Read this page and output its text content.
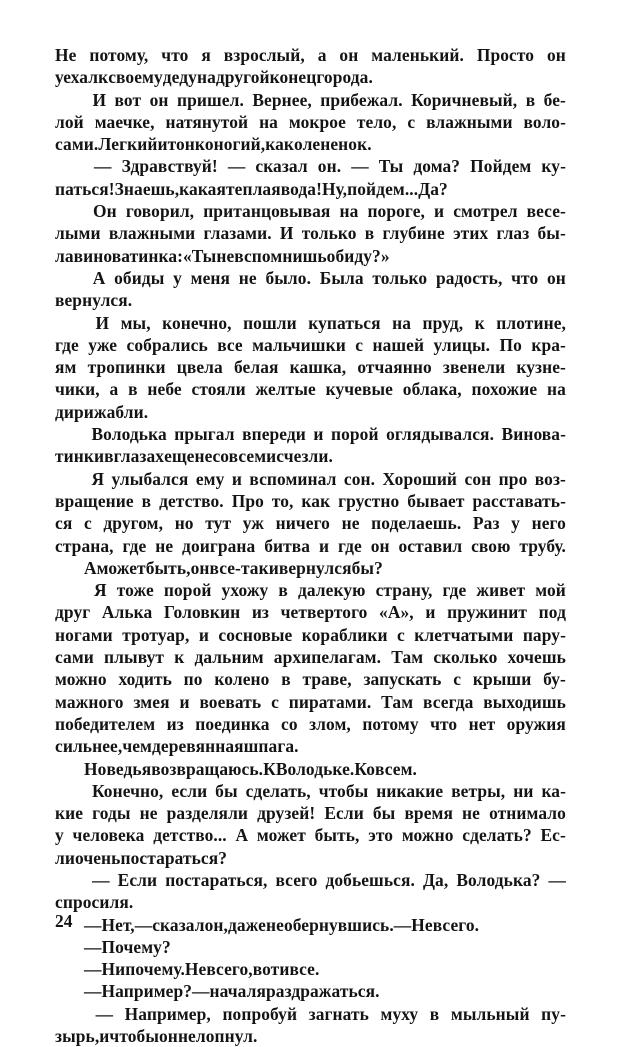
Не потому, что я взрослый, а он маленький. Просто он
уехал к своему деду на другой конец города.
И вот он пришел. Вернее, прибежал. Коричневый, в бе-
лой маечке, натянутой на мокрое тело, с влажными воло-
сами. Легкий и тонконогий, как олененок.
— Здравствуй! — сказал он. — Ты дома? Пойдем ку-
паться! Знаешь, какая теплая вода! Ну, пойдем... Да?
Он говорил, пританцовывая на пороге, и смотрел весе-
лыми влажными глазами. И только в глубине этих глаз бы-
ла виноватинка: «Ты не вспомнишь обиду?»
А обиды у меня не было. Была только радость, что он
вернулся.
И мы, конечно, пошли купаться на пруд, к плотине,
где уже собрались все мальчишки с нашей улицы. По кра-
ям тропинки цвела белая кашка, отчаянно звенели кузне-
чики, а в небе стояли желтые кучевые облака, похожие на
дирижабли.
Володька прыгал впереди и порой оглядывался. Винова-
тинки в глазах еще не совсем исчезли.
Я улыбался ему и вспоминал сон. Хороший сон про воз-
вращение в детство. Про то, как грустно бывает расставать-
ся с другом, но тут уж ничего не поделаешь. Раз у него
страна, где не доиграна битва и где он оставил свою трубу.
А может быть, он все-таки вернулся бы?
Я тоже порой ухожу в далекую страну, где живет мой
друг Алька Головкин из четвертого «А», и пружинит под
ногами тротуар, и сосновые кораблики с клетчатыми пару-
сами плывут к дальним архипелагам. Там сколько хочешь
можно ходить по колено в траве, запускать с крыши бу-
мажного змея и воевать с пиратами. Там всегда выходишь
победителем из поединка со злом, потому что нет оружия
сильнее, чем деревянная шпага.
Но ведь я возвращаюсь. К Володьке. Ко всем.
Конечно, если бы сделать, чтобы никакие ветры, ни ка-
кие годы не разделяли друзей! Если бы время не отнимало
у человека детство... А может быть, это можно сделать? Ес-
ли очень постараться?
— Если постараться, всего добьешься. Да, Володька? —
спросил я.
— Нет, — сказал он, даже не обернувшись. — Не всего.
— Почему?
— Нипочему. Не всего, вот и все.
— Например? — начал я раздражаться.
— Например, попробуй загнать муху в мыльный пу-
зырь, и чтобы он не лопнул.
24
